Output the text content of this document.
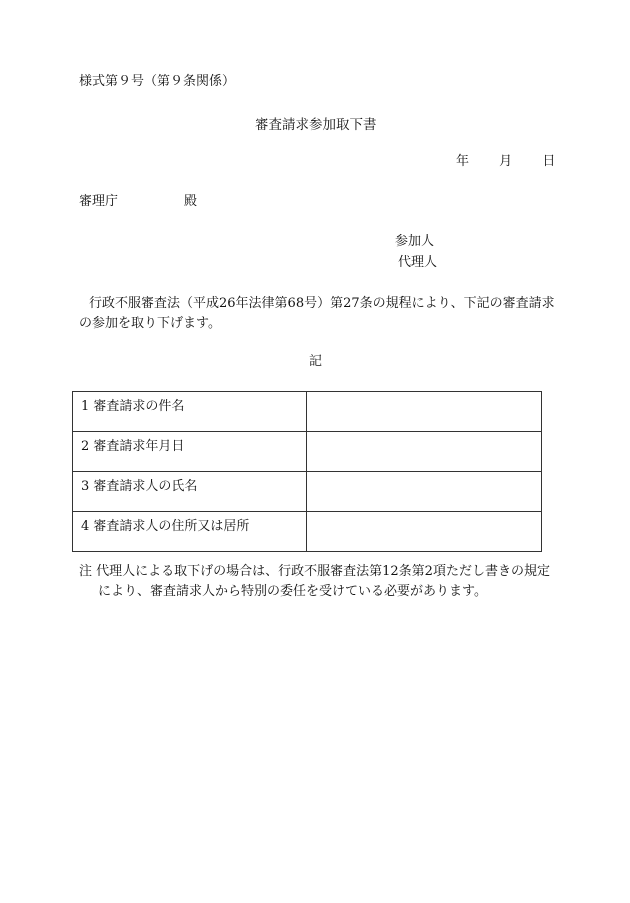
様式第９号（第９条関係）
審査請求参加取下書
年 月 日
審理庁	殿
参加人
代理人
行政不服審査法（平成26年法律第68号）第27条の規程により、下記の審査請求
の参加を取り下げます。
記
1 審査請求の件名	
2 審査請求年月日	
3 審査請求人の氏名	
4 審査請求人の住所又は居所	
注 代理人による取下げの場合は、行政不服審査法第12条第2項ただし書きの規定
により、審査請求人から特別の委任を受けている必要があります。
